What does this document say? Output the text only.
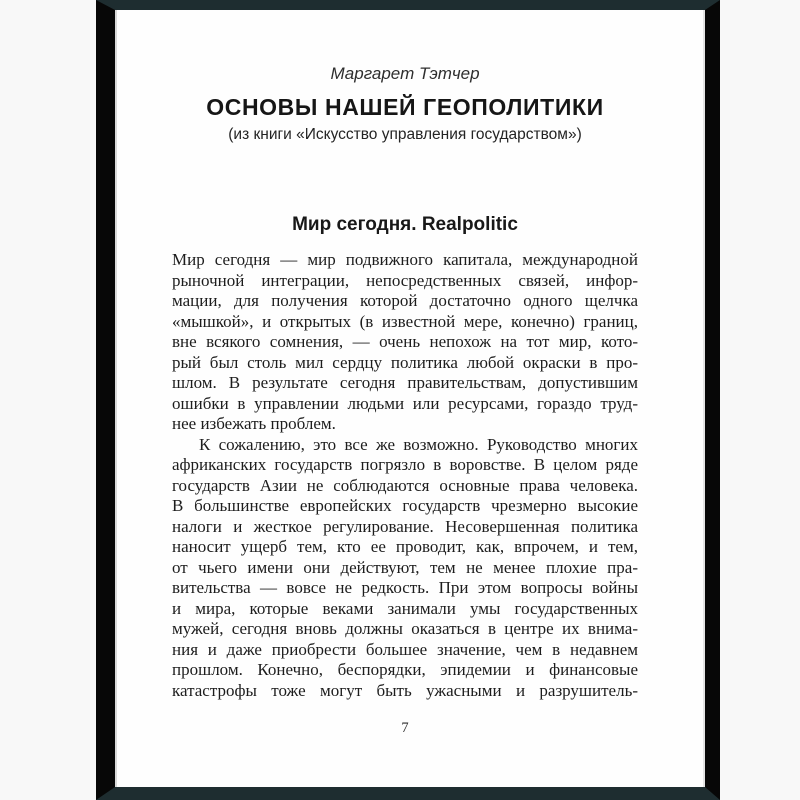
Маргарет Тэтчер
ОСНОВЫ НАШЕЙ ГЕОПОЛИТИКИ
(из книги «Искусство управления государством»)
Мир сегодня. Realpolitic
Мир сегодня — мир подвижного капитала, международной
рыночной интеграции, непосредственных связей, инфор-
мации, для получения которой достаточно одного щелчка
«мышкой», и открытых (в известной мере, конечно) границ,
вне всякого сомнения, — очень непохож на тот мир, кото-
рый был столь мил сердцу политика любой окраски в про-
шлом. В результате сегодня правительствам, допустившим
ошибки в управлении людьми или ресурсами, гораздо труд-
нее избежать проблем.
К сожалению, это все же возможно. Руководство многих
африканских государств погрязло в воровстве. В целом ряде
государств Азии не соблюдаются основные права человека.
В большинстве европейских государств чрезмерно высокие
налоги и жесткое регулирование. Несовершенная политика
наносит ущерб тем, кто ее проводит, как, впрочем, и тем,
от чьего имени они действуют, тем не менее плохие пра-
вительства — вовсе не редкость. При этом вопросы войны
и мира, которые веками занимали умы государственных
мужей, сегодня вновь должны оказаться в центре их внима-
ния и даже приобрести большее значение, чем в недавнем
прошлом. Конечно, беспорядки, эпидемии и финансовые
катастрофы тоже могут быть ужасными и разрушитель-
7
